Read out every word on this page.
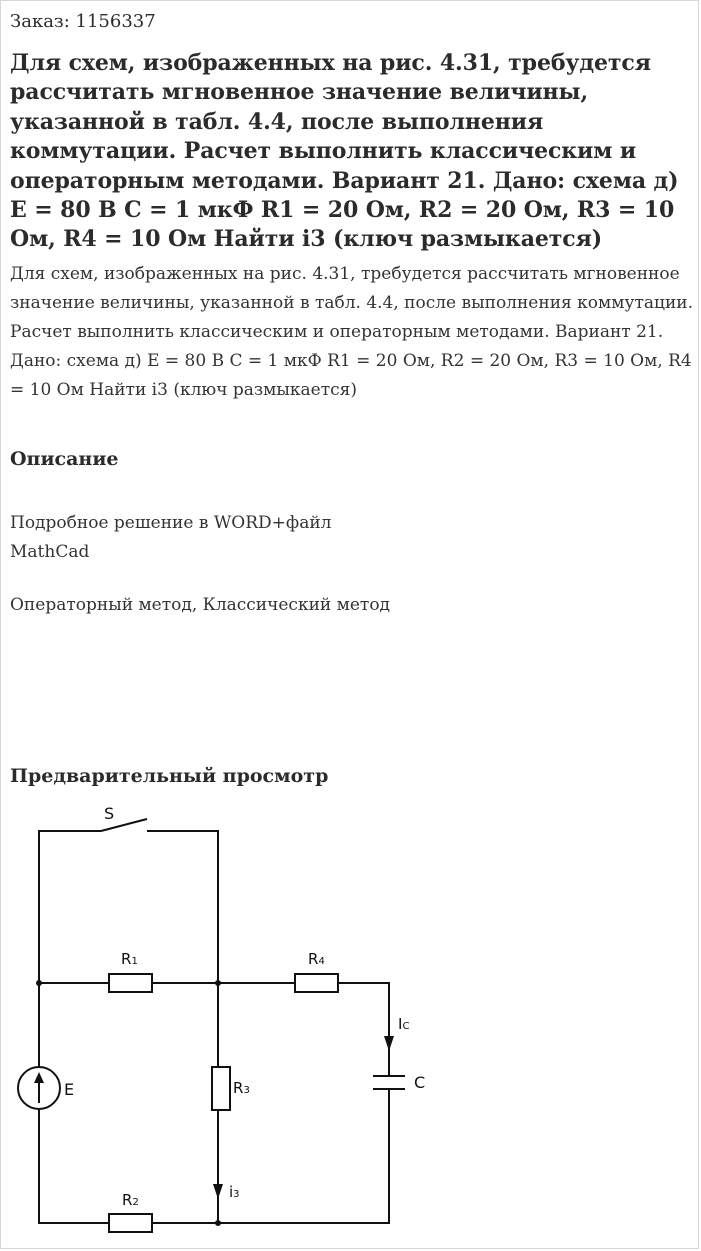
Заказ: 1156337
Для схем, изображенных на рис. 4.31, требудется рассчитать мгновенное значение величины, указанной в табл. 4.4, после выполнения коммутации. Расчет выполнить классическим и операторным методами. Вариант 21. Дано: схема д) E = 80 В C = 1 мкФ R1 = 20 Ом, R2 = 20 Ом, R3 = 10 Ом, R4 = 10 Ом Найти i3 (ключ размыкается)
Для схем, изображенных на рис. 4.31, требудется рассчитать мгновенное значение величины, указанной в табл. 4.4, после выполнения коммутации. Расчет выполнить классическим и операторным методами. Вариант 21. Дано: схема д) E = 80 В C = 1 мкФ R1 = 20 Ом, R2 = 20 Ом, R3 = 10 Ом, R4 = 10 Ом Найти i3 (ключ размыкается)
Описание
Подробное решение в WORD+файл
MathCad
Операторный метод, Классический метод
Предварительный просмотр
S
R1	R4
R2
R3
E	C
IC
i3
